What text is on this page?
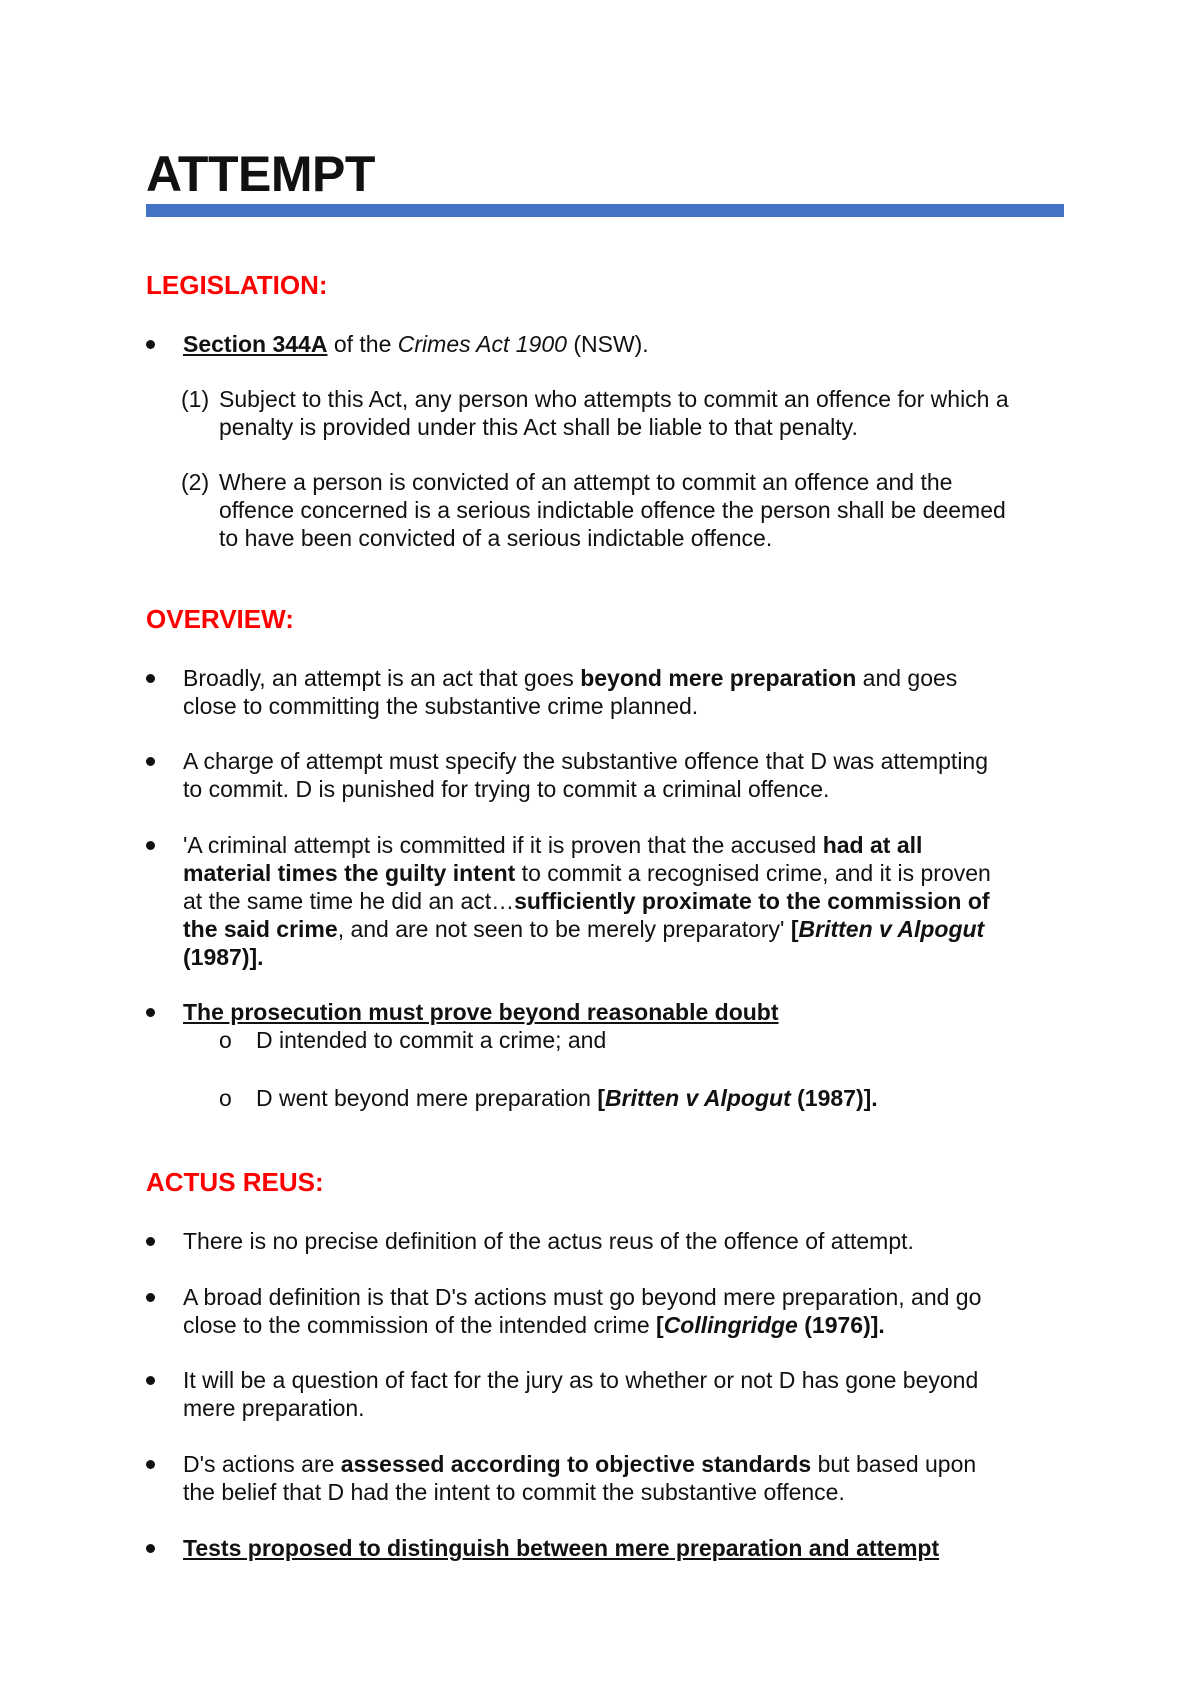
ATTEMPT
LEGISLATION:
Section 344A of the Crimes Act 1900 (NSW).
(1) Subject to this Act, any person who attempts to commit an offence for which a
penalty is provided under this Act shall be liable to that penalty.
(2) Where a person is convicted of an attempt to commit an offence and the
offence concerned is a serious indictable offence the person shall be deemed
to have been convicted of a serious indictable offence.
OVERVIEW:
Broadly, an attempt is an act that goes beyond mere preparation and goes
close to committing the substantive crime planned.
A charge of attempt must specify the substantive offence that D was attempting
to commit. D is punished for trying to commit a criminal offence.
'A criminal attempt is committed if it is proven that the accused had at all
material times the guilty intent to commit a recognised crime, and it is proven
at the same time he did an act…sufficiently proximate to the commission of
the said crime, and are not seen to be merely preparatory' [Britten v Alpogut
(1987)].
The prosecution must prove beyond reasonable doubt
o D intended to commit a crime; and
o D went beyond mere preparation [Britten v Alpogut (1987)].
ACTUS REUS:
There is no precise definition of the actus reus of the offence of attempt.
A broad definition is that D's actions must go beyond mere preparation, and go
close to the commission of the intended crime [Collingridge (1976)].
It will be a question of fact for the jury as to whether or not D has gone beyond
mere preparation.
D's actions are assessed according to objective standards but based upon
the belief that D had the intent to commit the substantive offence.
Tests proposed to distinguish between mere preparation and attempt
